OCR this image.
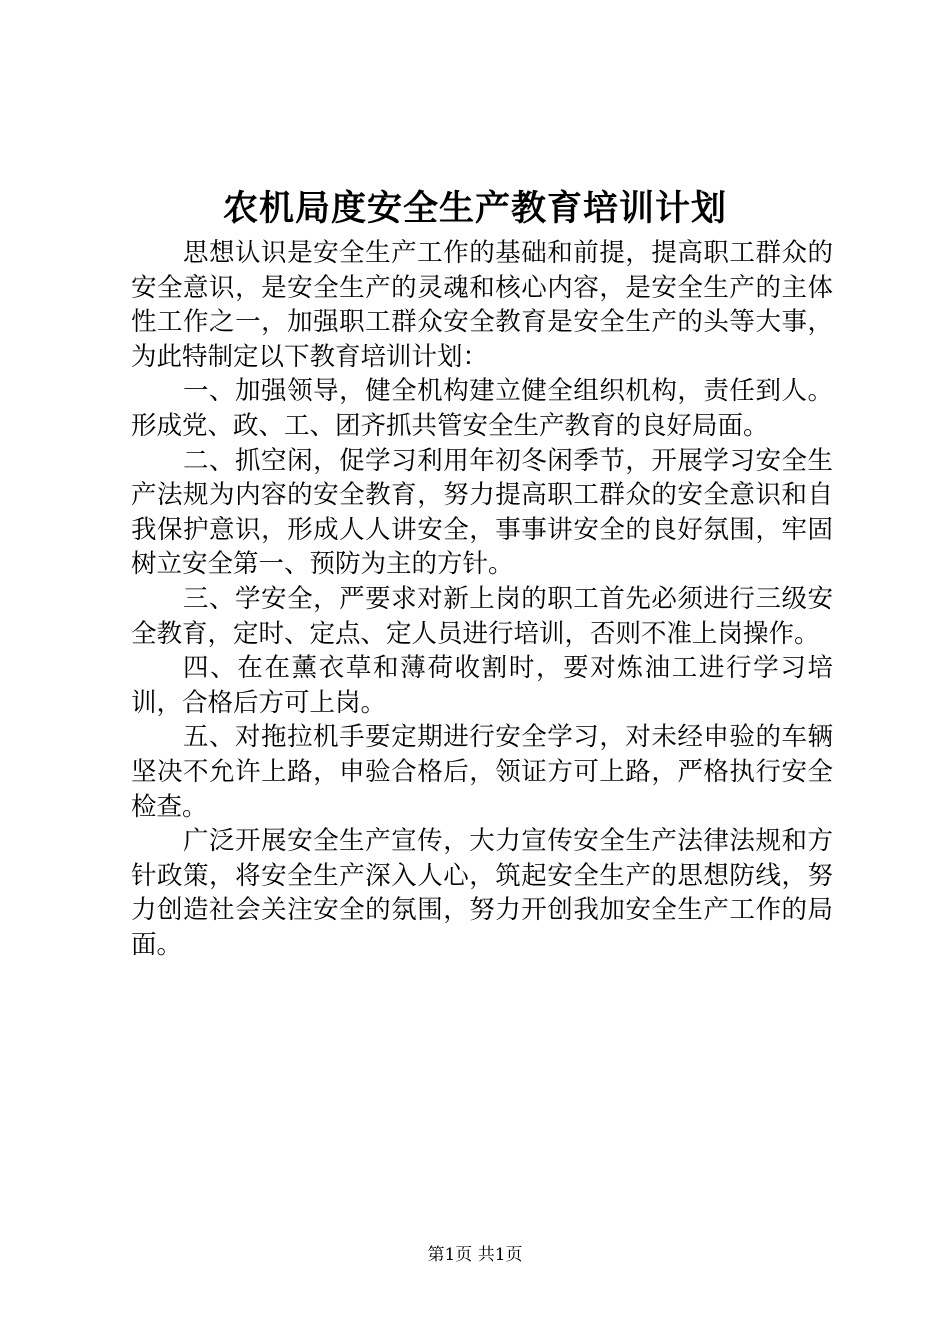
农机局度安全生产教育培训计划

思想认识是安全生产工作的基础和前提，提高职工群众的安全意识，是安全生产的灵魂和核心内容，是安全生产的主体性工作之一，加强职工群众安全教育是安全生产的头等大事，为此特制定以下教育培训计划：

一、加强领导，健全机构建立健全组织机构，责任到人。形成党、政、工、团齐抓共管安全生产教育的良好局面。

二、抓空闲，促学习利用年初冬闲季节，开展学习安全生产法规为内容的安全教育，努力提高职工群众的安全意识和自我保护意识，形成人人讲安全，事事讲安全的良好氛围，牢固树立安全第一、预防为主的方针。

三、学安全，严要求对新上岗的职工首先必须进行三级安全教育，定时、定点、定人员进行培训，否则不准上岗操作。

四、在在薰衣草和薄荷收割时，要对炼油工进行学习培训，合格后方可上岗。

五、对拖拉机手要定期进行安全学习，对未经申验的车辆坚决不允许上路，申验合格后，领证方可上路，严格执行安全检查。

广泛开展安全生产宣传，大力宣传安全生产法律法规和方针政策，将安全生产深入人心，筑起安全生产的思想防线，努力创造社会关注安全的氛围，努力开创我加安全生产工作的局面。

第1页 共1页
